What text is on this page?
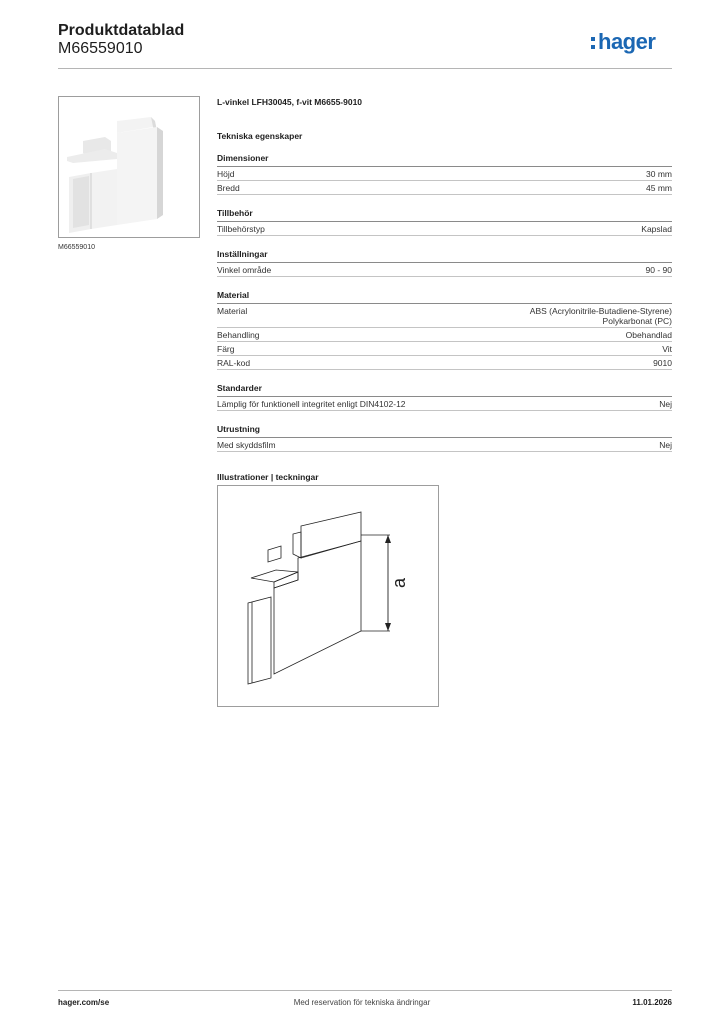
Produktdatablad
M66559010	hager
M66559010
L-vinkel LFH30045, f-vit M6655-9010
Tekniska egenskaper
Dimensioner
Höjd	30 mm
Bredd	45 mm
Tillbehör
Tillbehörstyp	Kapslad
Inställningar
Vinkel område	90 - 90
Material
Material	ABS (Acrylonitrile-Butadiene-Styrene)
Polykarbonat (PC)
Behandling	Obehandlad
Färg	Vit
RAL-kod	9010
Standarder
Lämplig för funktionell integritet enligt DIN4102-12	Nej
Utrustning
Med skyddsfilm	Nej
Illustrationer | teckningar
a
hager.com/se	Med reservation för tekniska ändringar	11.01.2026
